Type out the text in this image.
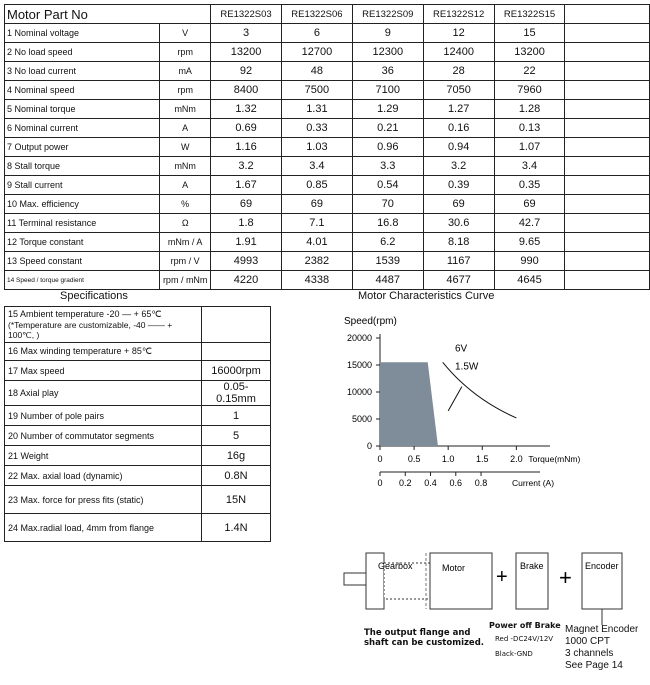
Motor Part No		RE1322S03	RE1322S06	RE1322S09	RE1322S12	RE1322S15	
1 Nominal voltage	V	3	6	9	12	15	
2 No load speed	rpm	13200	12700	12300	12400	13200	
3 No load current	mA	92	48	36	28	22	
4 Nominal speed	rpm	8400	7500	7100	7050	7960	
5 Nominal torque	mNm	1.32	1.31	1.29	1.27	1.28	
6 Nominal current	A	0.69	0.33	0.21	0.16	0.13	
7 Output power	W	1.16	1.03	0.96	0.94	1.07	
8 Stall torque	mNm	3.2	3.4	3.3	3.2	3.4	
9 Stall current	A	1.67	0.85	0.54	0.39	0.35	
10 Max. efficiency	%	69	69	70	69	69	
11 Terminal resistance	Ω	1.8	7.1	16.8	30.6	42.7	
12 Torque constant	mNm / A	1.91	4.01	6.2	8.18	9.65	
13 Speed constant	rpm / V	4993	2382	1539	1167	990	
14 Speed / torque gradient	rpm / mNm	4220	4338	4487	4677	4645	
Specifications	Motor Characteristics Curve
15 Ambient temperature -20 — + 65℃
(*Temperature are customizable, -40 —— + 100℃, )	

16 Max winding temperature + 85℃	

17 Max speed	16000rpm

18 Axial play	0.05-0.15mm

19 Number of pole pairs	1

20 Number of commutator segments	5

21 Weight	16g

22 Max. axial load (dynamic)	0.8N

23 Max. force for press fits (static)	15N

24 Max.radial load, 4mm from flange	1.4N
Speed(rpm)
20000
15000
10000
5000
0
0	0.5 1.0 1.5 2.0 Torque(mNm)
0 0.2 0.4 0.6 0.8	Current (A)
6V
1.5W
Gearbox	Motor + Brake + Encoder
The output flange and shaft can be customized.
Power off Brake
Red -DC24V/12V
Black-GND
Magnet Encoder
1000 CPT
3 channels
See Page 14
